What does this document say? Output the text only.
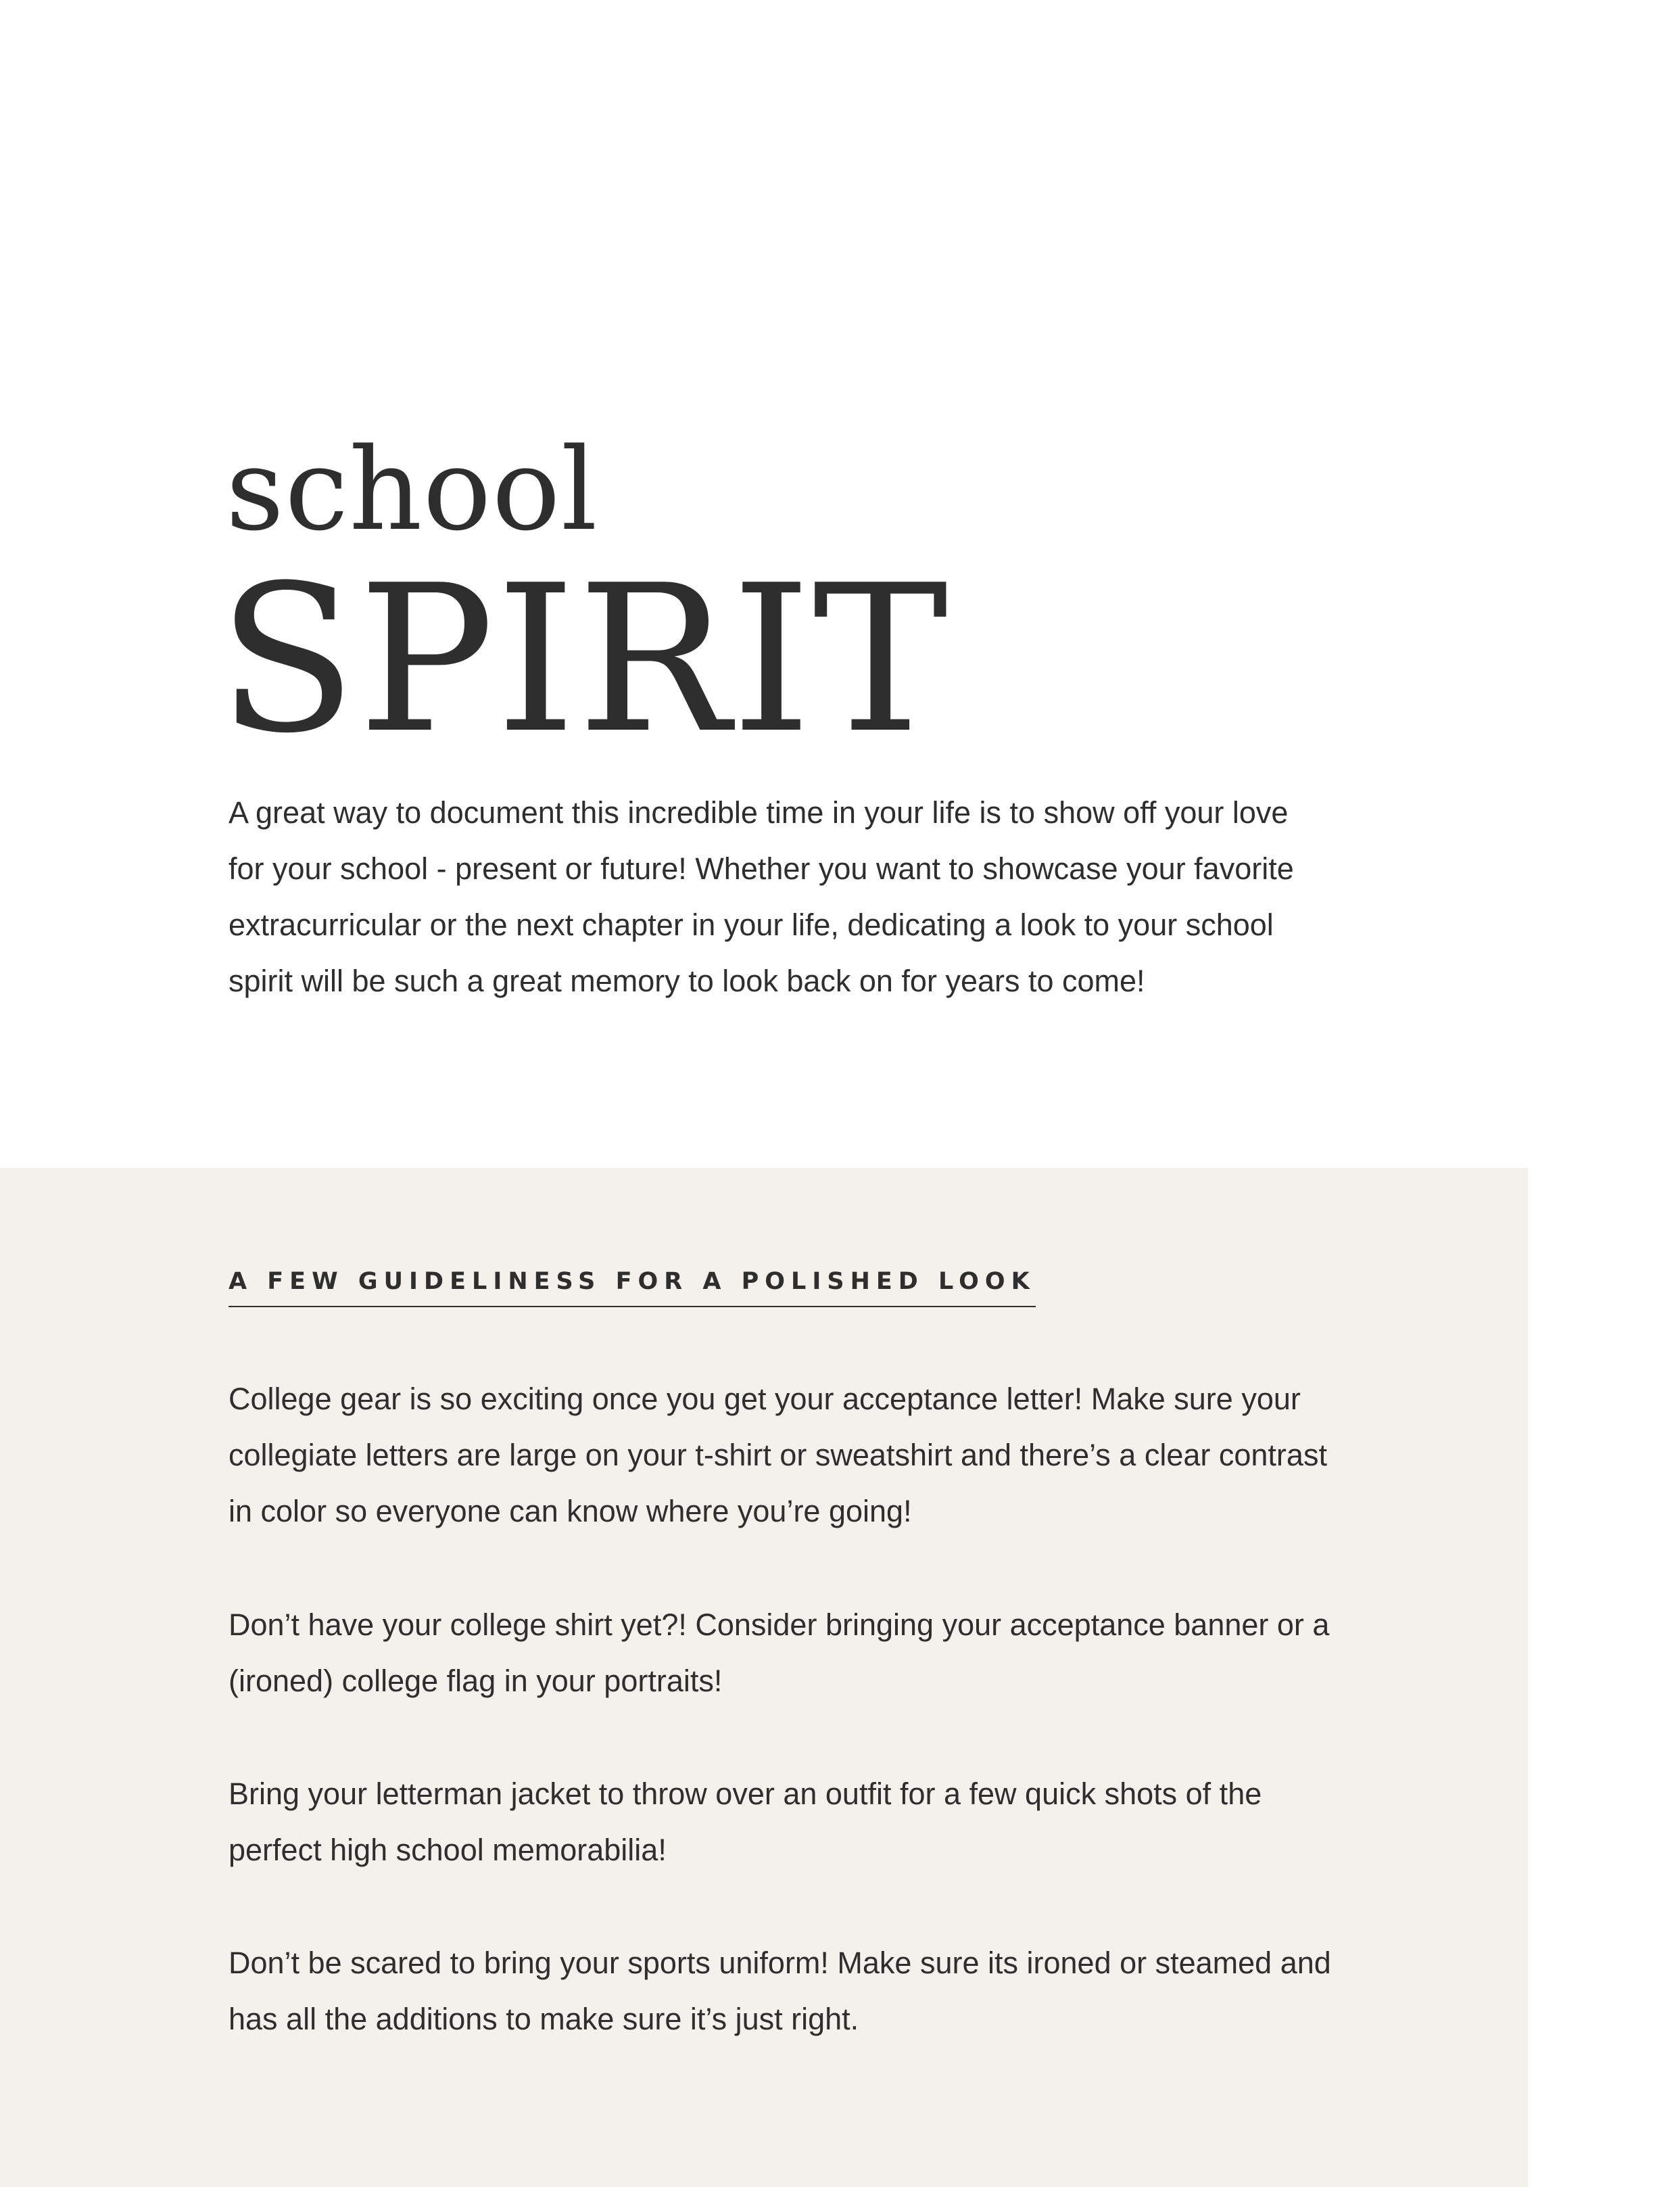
school
SPIRIT

A great way to document this incredible time in your life is to show off your love for your school - present or future! Whether you want to showcase your favorite extracurricular or the next chapter in your life, dedicating a look to your school spirit will be such a great memory to look back on for years to come!

A FEW GUIDELINESS FOR A POLISHED LOOK

College gear is so exciting once you get your acceptance letter! Make sure your collegiate letters are large on your t-shirt or sweatshirt and there’s a clear contrast in color so everyone can know where you’re going!

Don’t have your college shirt yet?! Consider bringing your acceptance banner or a (ironed) college flag in your portraits!

Bring your letterman jacket to throw over an outfit for a few quick shots of the perfect high school memorabilia!

Don’t be scared to bring your sports uniform! Make sure its ironed or steamed and has all the additions to make sure it’s just right.
